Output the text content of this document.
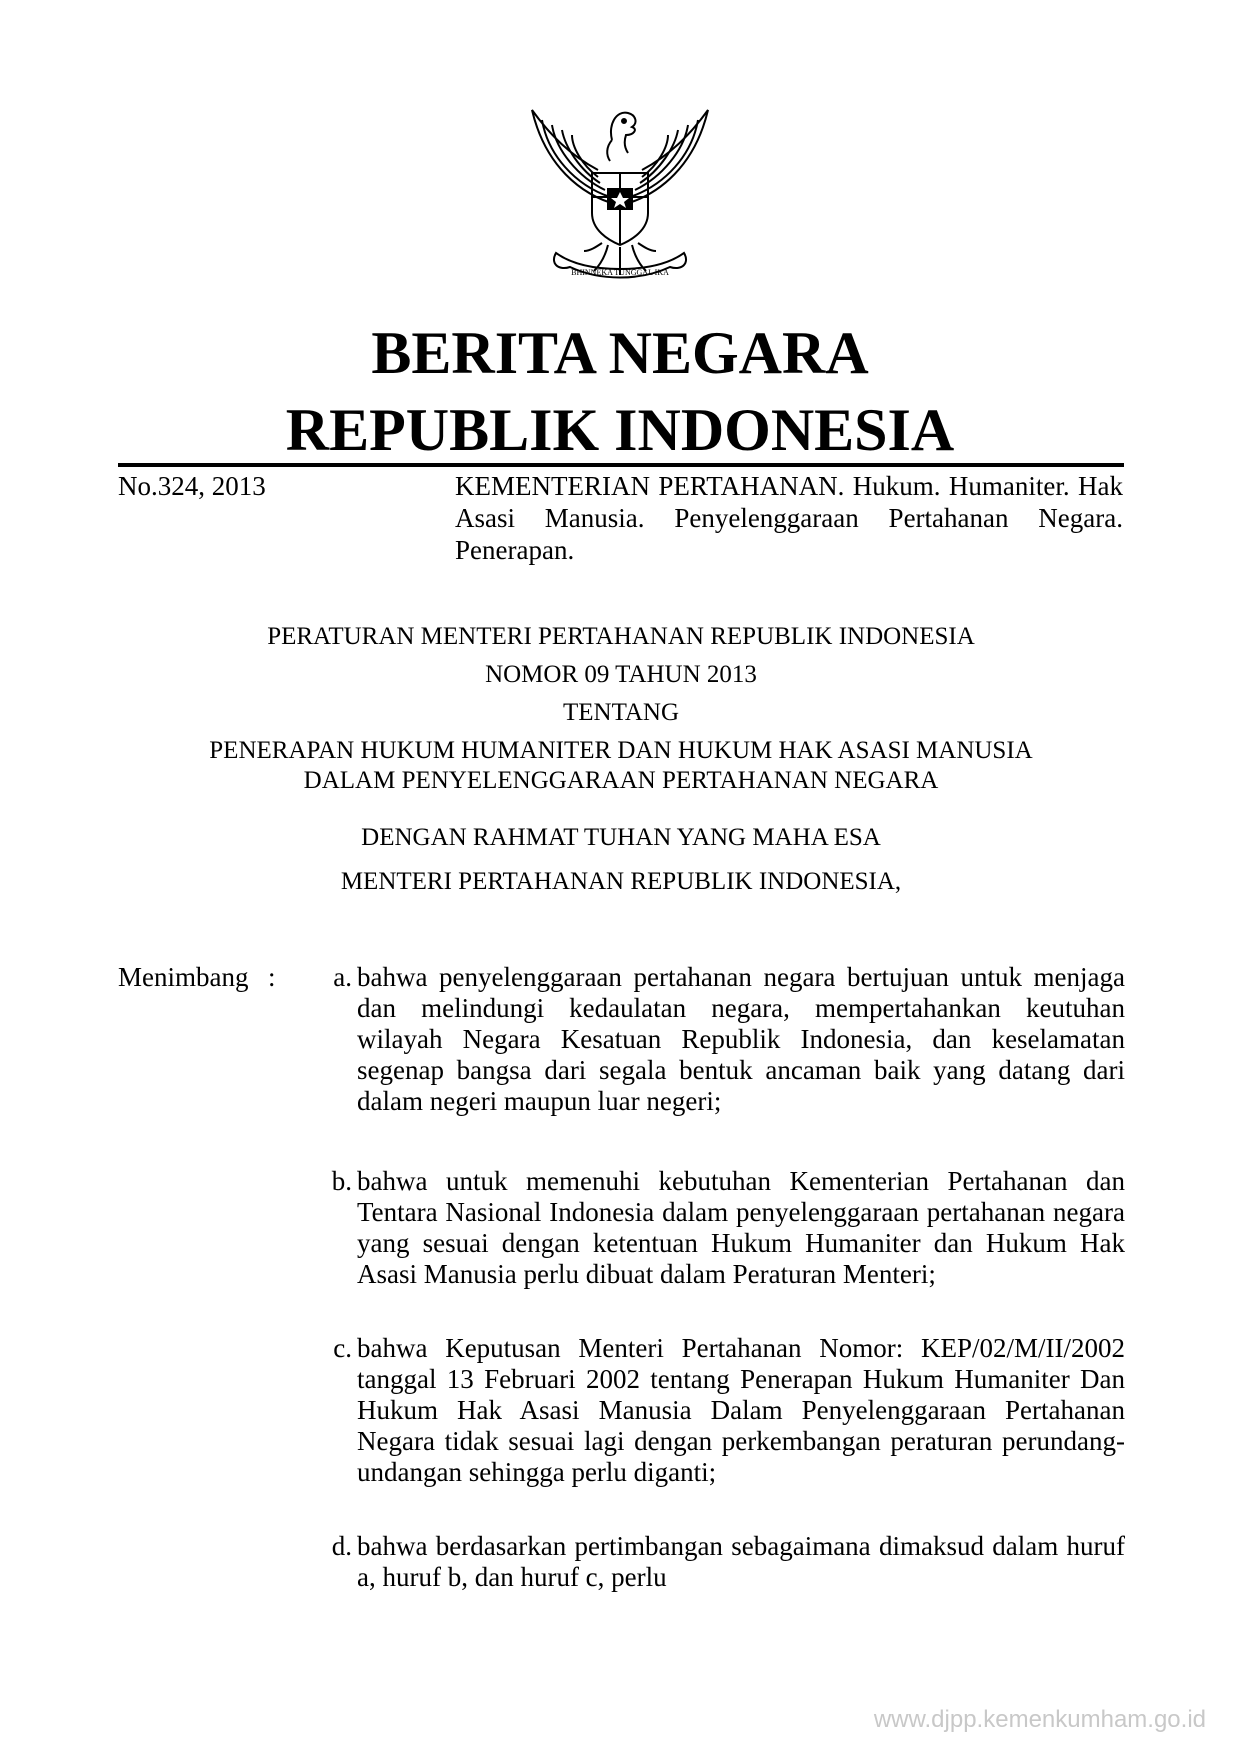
BHINNEKA TUNGGAL IKA
BERITA NEGARA
REPUBLIK INDONESIA
No.324, 2013	KEMENTERIAN PERTAHANAN. Hukum. Humaniter. Hak Asasi Manusia. Penyelenggaraan Pertahanan Negara. Penerapan.
PERATURAN MENTERI PERTAHANAN REPUBLIK INDONESIA
NOMOR 09 TAHUN 2013
TENTANG
PENERAPAN HUKUM HUMANITER DAN HUKUM HAK ASASI MANUSIA
DALAM PENYELENGGARAAN PERTAHANAN NEGARA
DENGAN RAHMAT TUHAN YANG MAHA ESA
MENTERI PERTAHANAN REPUBLIK INDONESIA,
Menimbang :	a. bahwa penyelenggaraan pertahanan negara bertujuan untuk menjaga dan melindungi kedaulatan negara, mempertahankan keutuhan wilayah Negara Kesatuan Republik Indonesia, dan keselamatan segenap bangsa dari segala bentuk ancaman baik yang datang dari dalam negeri maupun luar negeri;
b. bahwa untuk memenuhi kebutuhan Kementerian Pertahanan dan Tentara Nasional Indonesia dalam penyelenggaraan pertahanan negara yang sesuai dengan ketentuan Hukum Humaniter dan Hukum Hak Asasi Manusia perlu dibuat dalam Peraturan Menteri;
c. bahwa Keputusan Menteri Pertahanan Nomor: KEP/02/M/II/2002 tanggal 13 Februari 2002 tentang Penerapan Hukum Humaniter Dan Hukum Hak Asasi Manusia Dalam Penyelenggaraan Pertahanan Negara tidak sesuai lagi dengan perkembangan peraturan perundang-undangan sehingga perlu diganti;
d. bahwa berdasarkan pertimbangan sebagaimana dimaksud dalam huruf a, huruf b, dan huruf c, perlu
www.djpp.kemenkumham.go.id
